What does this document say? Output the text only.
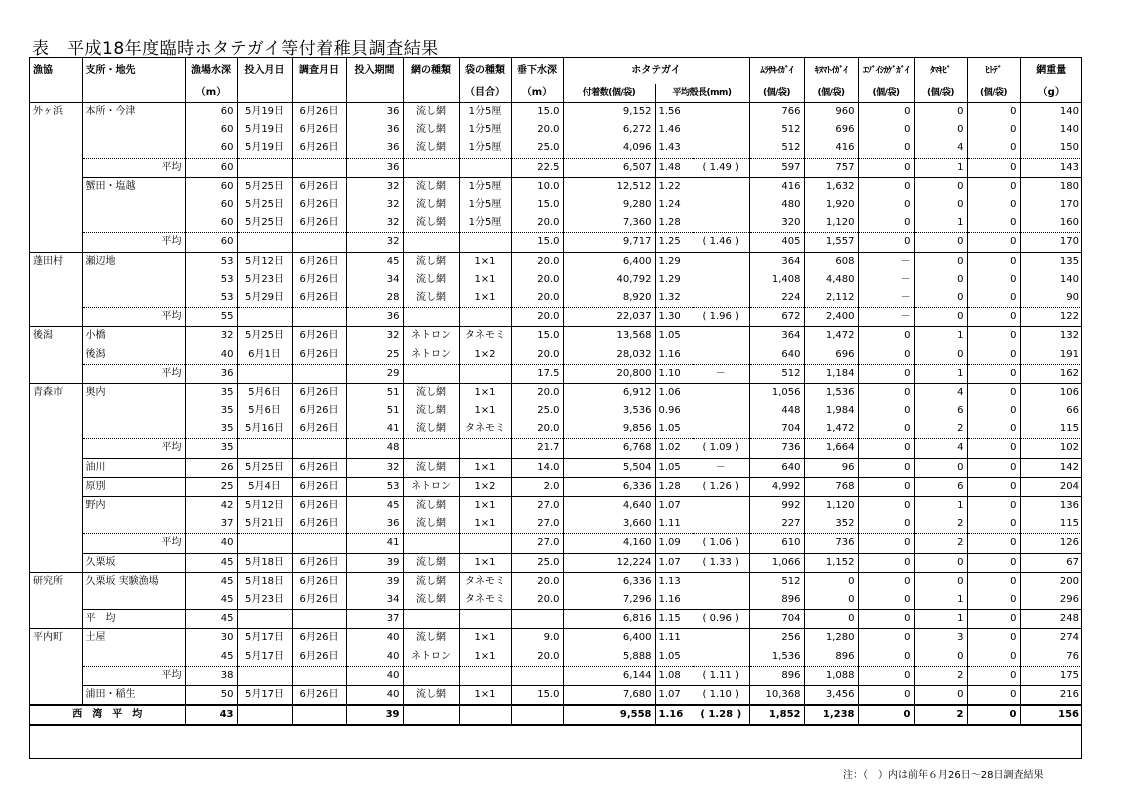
表　平成18年度臨時ホタテガイ等付着稚貝調査結果
漁協	支所・地先	漁場水深	投入月日	調査月日	投入期間	網の種類	袋の種類	垂下水深	ホタテガイ			ﾑﾗｻｷｲｶﾞｲ	ｷﾇﾏﾄｲｶﾞｲ	ｴｿﾞｲｼｶｹﾞｶﾞｲ	ﾀﾏｷﾋﾞ	ﾋﾄﾃﾞ	網重量
		（m）					（目合）	（m）	付着数(個/袋)	平均殻長(mm)		(個/袋)	(個/袋)	(個/袋)	(個/袋)	(個/袋)	（g）
外ヶ浜	本所・今津	60	5月19日	6月26日	36	流し網	1分5厘	15.0	9,152	1.56		766	960	0	0	0	140
		60	5月19日	6月26日	36	流し網	1分5厘	20.0	6,272	1.46		512	696	0	0	0	140
		60	5月19日	6月26日	36	流し網	1分5厘	25.0	4,096	1.43		512	416	0	4	0	150
	平均	60			36			22.5	6,507	1.48	( 1.49 )	597	757	0	1	0	143
	蟹田・塩越	60	5月25日	6月26日	32	流し網	1分5厘	10.0	12,512	1.22		416	1,632	0	0	0	180
		60	5月25日	6月26日	32	流し網	1分5厘	15.0	9,280	1.24		480	1,920	0	0	0	170
		60	5月25日	6月26日	32	流し網	1分5厘	20.0	7,360	1.28		320	1,120	0	1	0	160
	平均	60			32			15.0	9,717	1.25	( 1.46 )	405	1,557	0	0	0	170
蓬田村	瀬辺地	53	5月12日	6月26日	45	流し網	1×1	20.0	6,400	1.29		364	608	－	0	0	135
		53	5月23日	6月26日	34	流し網	1×1	20.0	40,792	1.29		1,408	4,480	－	0	0	140
		53	5月29日	6月26日	28	流し網	1×1	20.0	8,920	1.32		224	2,112	－	0	0	90
	平均	55			36			20.0	22,037	1.30	( 1.96 )	672	2,400	－	0	0	122
後潟	小橋	32	5月25日	6月26日	32	ネトロン	タネモミ	15.0	13,568	1.05		364	1,472	0	1	0	132
	後潟	40	6月1日	6月26日	25	ネトロン	1×2	20.0	28,032	1.16		640	696	0	0	0	191
	平均	36			29			17.5	20,800	1.10	－	512	1,184	0	1	0	162
青森市	奥内	35	5月6日	6月26日	51	流し網	1×1	20.0	6,912	1.06		1,056	1,536	0	4	0	106
		35	5月6日	6月26日	51	流し網	1×1	25.0	3,536	0.96		448	1,984	0	6	0	66
		35	5月16日	6月26日	41	流し網	タネモミ	20.0	9,856	1.05		704	1,472	0	2	0	115
	平均	35			48			21.7	6,768	1.02	( 1.09 )	736	1,664	0	4	0	102
	油川	26	5月25日	6月26日	32	流し網	1×1	14.0	5,504	1.05	－	640	96	0	0	0	142
	原別	25	5月4日	6月26日	53	ネトロン	1×2	2.0	6,336	1.28	( 1.26 )	4,992	768	0	6	0	204
	野内	42	5月12日	6月26日	45	流し網	1×1	27.0	4,640	1.07		992	1,120	0	1	0	136
		37	5月21日	6月26日	36	流し網	1×1	27.0	3,660	1.11		227	352	0	2	0	115
	平均	40			41			27.0	4,160	1.09	( 1.06 )	610	736	0	2	0	126
	久栗坂	45	5月18日	6月26日	39	流し網	1×1	25.0	12,224	1.07	( 1.33 )	1,066	1,152	0	0	0	67
研究所	久栗坂 実験漁場	45	5月18日	6月26日	39	流し網	タネモミ	20.0	6,336	1.13		512	0	0	0	0	200
		45	5月23日	6月26日	34	流し網	タネモミ	20.0	7,296	1.16		896	0	0	1	0	296
	平　均	45			37				6,816	1.15	( 0.96 )	704	0	0	1	0	248
平内町	土屋	30	5月17日	6月26日	40	流し網	1×1	9.0	6,400	1.11		256	1,280	0	3	0	274
		45	5月17日	6月26日	40	ネトロン	1×1	20.0	5,888	1.05		1,536	896	0	0	0	76
	平均	38			40				6,144	1.08	( 1.11 )	896	1,088	0	2	0	175
	浦田・稲生	50	5月17日	6月26日	40	流し網	1×1	15.0	7,680	1.07	( 1.10 )	10,368	3,456	0	0	0	216
西　湾　平　均		43			39				9,558	1.16	( 1.28 )	1,852	1,238	0	2	0	156
注：（　）内は前年６月26日～28日調査結果
